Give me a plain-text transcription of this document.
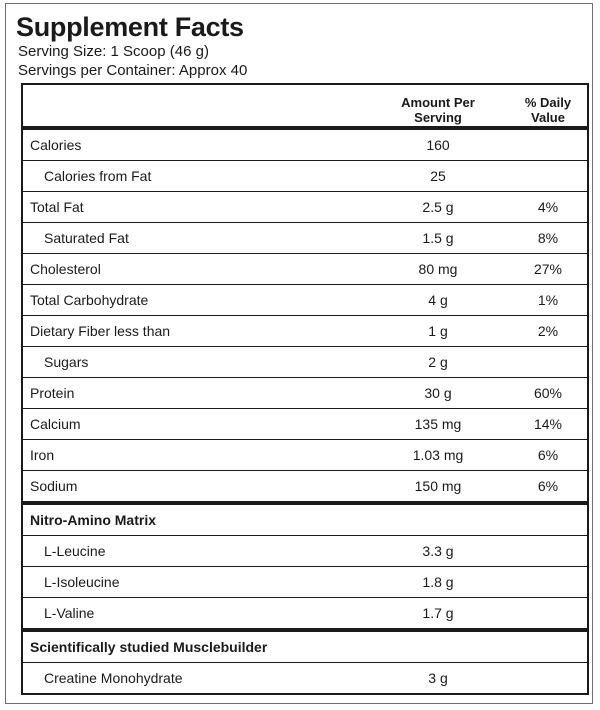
Supplement Facts
Serving Size: 1 Scoop (46 g)
Servings per Container: Approx 40
Amount Per
Serving
% Daily
Value
Calories	160
Calories from Fat	25
Total Fat	2.5 g	4%
Saturated Fat	1.5 g	8%
Cholesterol	80 mg	27%
Total Carbohydrate	4 g	1%
Dietary Fiber less than	1 g	2%
Sugars	2 g
Protein	30 g	60%
Calcium	135 mg	14%
Iron	1.03 mg	6%
Sodium	150 mg	6%
Nitro-Amino Matrix
L-Leucine	3.3 g
L-Isoleucine	1.8 g
L-Valine	1.7 g
Scientifically studied Musclebuilder
Creatine Monohydrate	3 g
